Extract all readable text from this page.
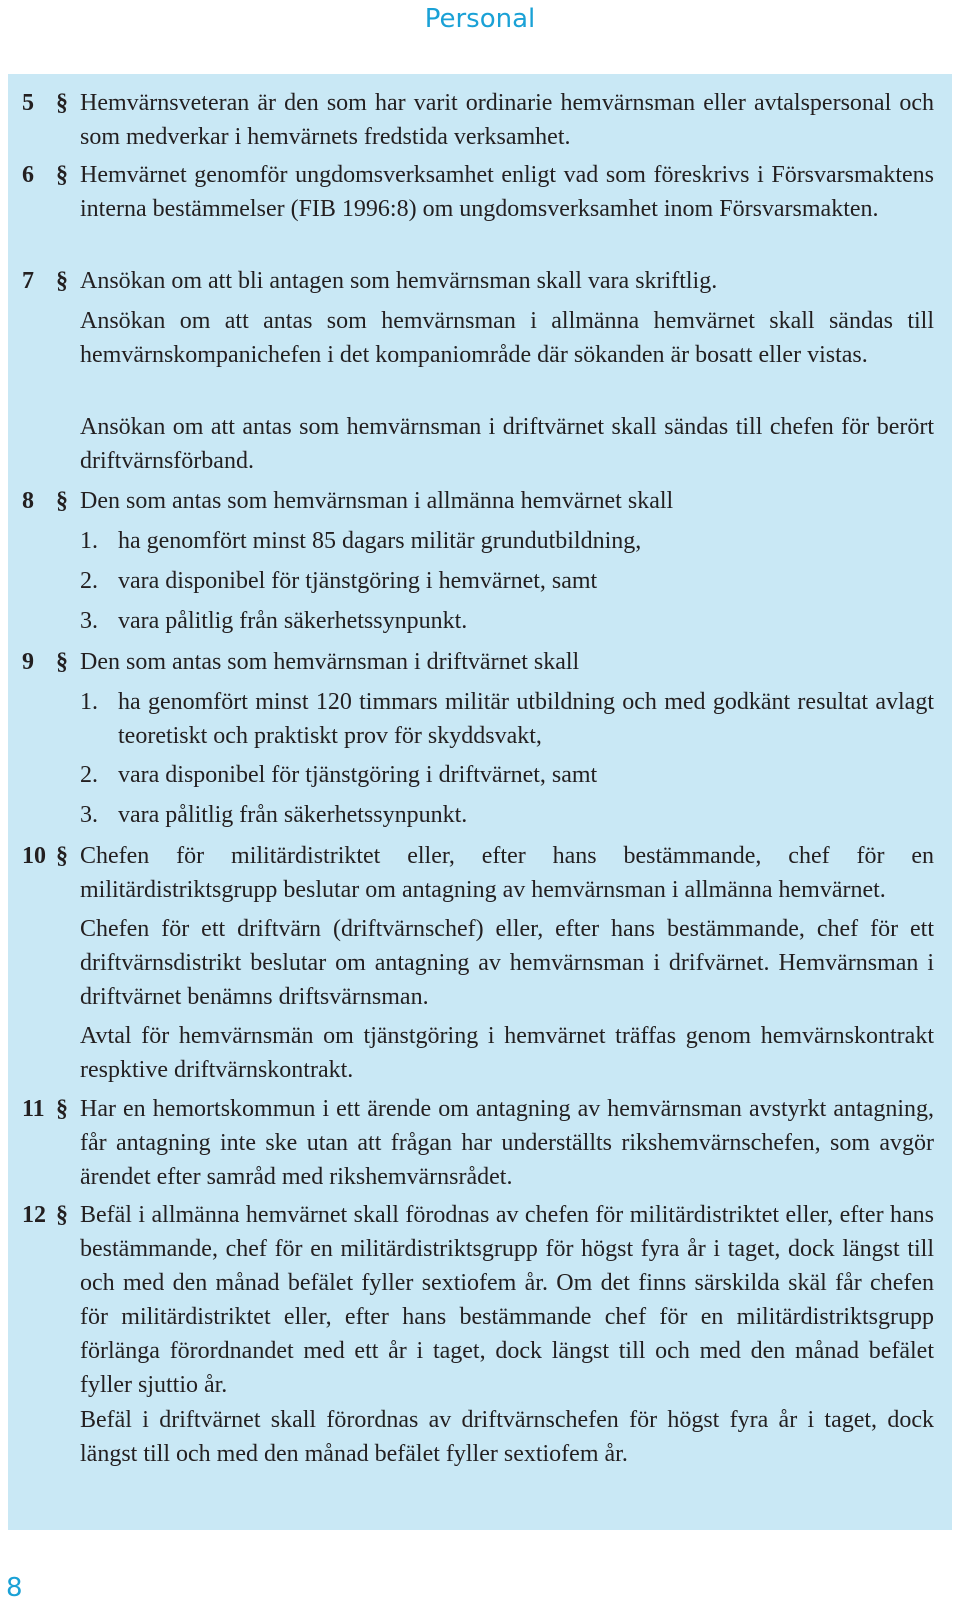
Personal
5 § Hemvärnsveteran är den som har varit ordinarie hemvärnsman eller avtalspersonal och som medverkar i hemvärnets fredstida verksamhet.
6 § Hemvärnet genomför ungdomsverksamhet enligt vad som föreskrivs i Försvarsmaktens interna bestämmelser (FIB 1996:8) om ungdomsverksamhet inom Försvarsmakten.
7 § Ansökan om att bli antagen som hemvärnsman skall vara skriftlig.
Ansökan om att antas som hemvärnsman i allmänna hemvärnet skall sändas till hemvärnskompanichefen i det kompaniområde där sökanden är bosatt eller vistas.
Ansökan om att antas som hemvärnsman i driftvärnet skall sändas till chefen för berört driftvärnsförband.
8 § Den som antas som hemvärnsman i allmänna hemvärnet skall
1. ha genomfört minst 85 dagars militär grundutbildning,
2. vara disponibel för tjänstgöring i hemvärnet, samt
3. vara pålitlig från säkerhetssynpunkt.
9 § Den som antas som hemvärnsman i driftvärnet skall
1. ha genomfört minst 120 timmars militär utbildning och med godkänt resultat avlagt teoretiskt och praktiskt prov för skyddsvakt,
2. vara disponibel för tjänstgöring i driftvärnet, samt
3. vara pålitlig från säkerhetssynpunkt.
10 § Chefen för militärdistriktet eller, efter hans bestämmande, chef för en militärdistriktsgrupp beslutar om antagning av hemvärnsman i allmänna hemvärnet.
Chefen för ett driftvärn (driftvärnschef) eller, efter hans bestämmande, chef för ett driftvärnsdistrikt beslutar om antagning av hemvärnsman i drifvärnet. Hemvärnsman i driftvärnet benämns driftsvärnsman.
Avtal för hemvärnsmän om tjänstgöring i hemvärnet träffas genom hemvärnskontrakt respktive driftvärnskontrakt.
11 § Har en hemortskommun i ett ärende om antagning av hemvärnsman avstyrkt antagning, får antagning inte ske utan att frågan har underställts rikshemvärnschefen, som avgör ärendet efter samråd med rikshemvärnsrådet.
12 § Befäl i allmänna hemvärnet skall förodnas av chefen för militärdistriktet eller, efter hans bestämmande, chef för en militärdistriktsgrupp för högst fyra år i taget, dock längst till och med den månad befälet fyller sextiofem år. Om det finns särskilda skäl får chefen för militärdistriktet eller, efter hans bestämmande chef för en militärdistriktsgrupp förlänga förordnandet med ett år i taget, dock längst till och med den månad befälet fyller sjuttio år.
Befäl i driftvärnet skall förordnas av driftvärnschefen för högst fyra år i taget, dock längst till och med den månad befälet fyller sextiofem år.
8
